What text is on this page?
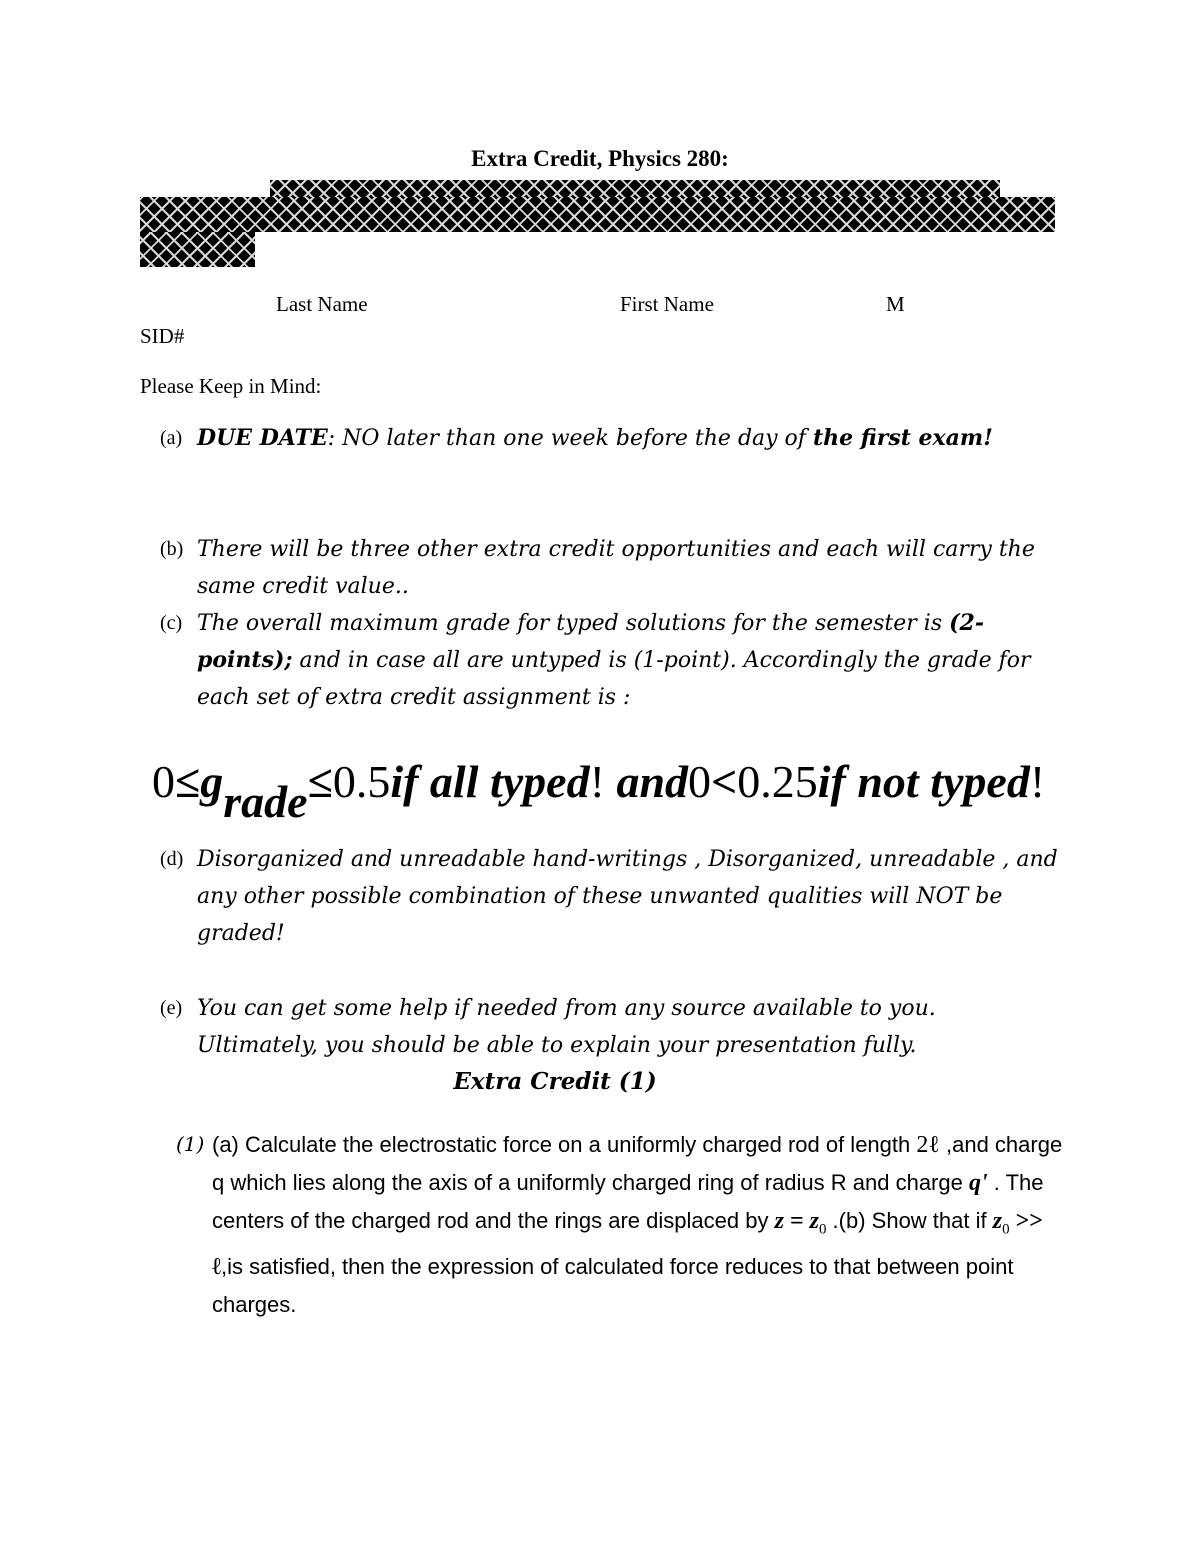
Extra Credit, Physics 280:
Last Name	First Name	M
SID#
Please Keep in Mind:
(a) DUE DATE: NO later than one week before the day of the first exam!
(b) There will be three other extra credit opportunities and each will carry the same credit value..
(c) The overall maximum grade for typed solutions for the semester is (2-points); and in case all are untyped is (1-point). Accordingly the grade for each set of extra credit assignment is :
0≤grade≤0.5if all typed! and0<0.25if not typed!
(d) Disorganized and unreadable hand-writings , Disorganized, unreadable , and any other possible combination of these unwanted qualities will NOT be graded!
(e) You can get some help if needed from any source available to you. Ultimately, you should be able to explain your presentation fully.
Extra Credit (1)
(1) (a) Calculate the electrostatic force on a uniformly charged rod of length 2ℓ ,and charge q which lies along the axis of a uniformly charged ring of radius R and charge q' . The centers of the charged rod and the rings are displaced by $z = z_0$ .(b) Show that if $z_0$ >> ℓ,is satisfied, then the expression of calculated force reduces to that between point charges.
